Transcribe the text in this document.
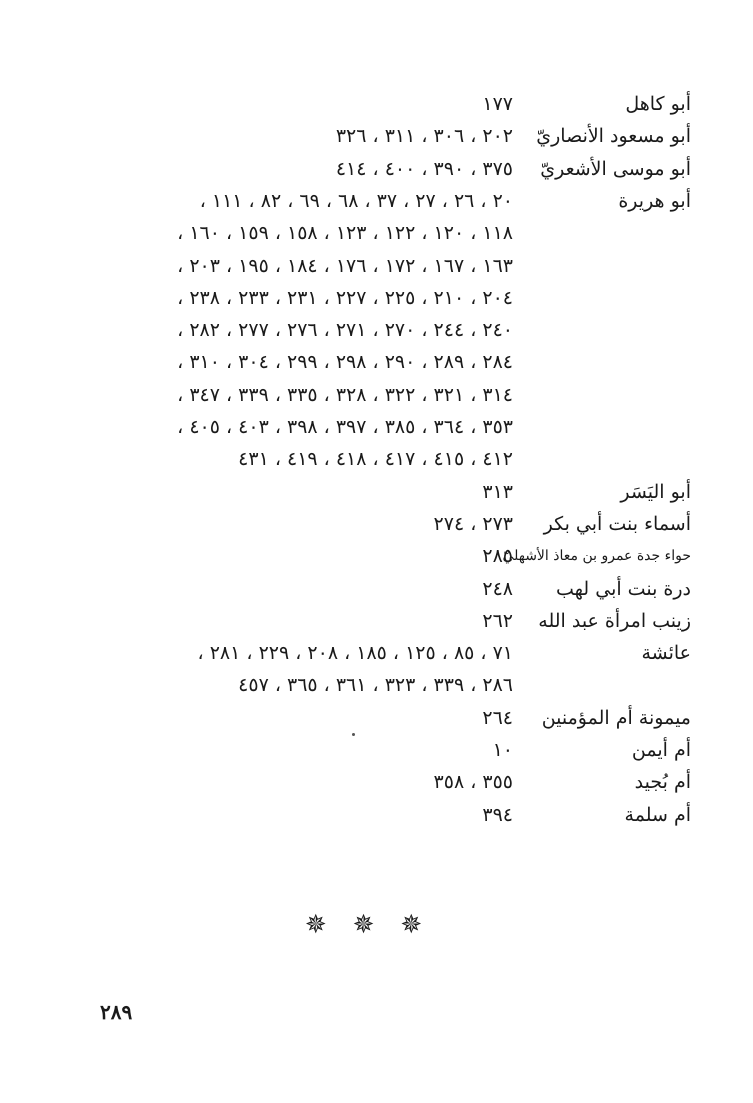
أبو كاهل
١٧٧
أبو مسعود الأنصاريّ
٢٠٢ ، ٣٠٦ ، ٣١١ ، ٣٢٦
أبو موسى الأشعريّ
٣٧٥ ، ٣٩٠ ، ٤٠٠ ، ٤١٤
أبو هريرة
٢٠ ، ٢٦ ، ٢٧ ، ٣٧ ، ٦٨ ، ٦٩ ، ٨٢ ، ١١١ ،
١١٨ ، ١٢٠ ، ١٢٢ ، ١٢٣ ، ١٥٨ ، ١٥٩ ، ١٦٠ ،
١٦٣ ، ١٦٧ ، ١٧٢ ، ١٧٦ ، ١٨٤ ، ١٩٥ ، ٢٠٣ ،
٢٠٤ ، ٢١٠ ، ٢٢٥ ، ٢٢٧ ، ٢٣١ ، ٢٣٣ ، ٢٣٨ ،
٢٤٠ ، ٢٤٤ ، ٢٧٠ ، ٢٧١ ، ٢٧٦ ، ٢٧٧ ، ٢٨٢ ،
٢٨٤ ، ٢٨٩ ، ٢٩٠ ، ٢٩٨ ، ٢٩٩ ، ٣٠٤ ، ٣١٠ ،
٣١٤ ، ٣٢١ ، ٣٢٢ ، ٣٢٨ ، ٣٣٥ ، ٣٣٩ ، ٣٤٧ ،
٣٥٣ ، ٣٦٤ ، ٣٨٥ ، ٣٩٧ ، ٣٩٨ ، ٤٠٣ ، ٤٠٥ ،
٤١٢ ، ٤١٥ ، ٤١٧ ، ٤١٨ ، ٤١٩ ، ٤٣١
أبو اليَسَر
٣١٣
أسماء بنت أبي بكر
٢٧٣ ، ٢٧٤
حواء جدة عمرو بن معاذ الأشهليّ
٢٨٥
درة بنت أبي لهب
٢٤٨
زينب امرأة عبد الله
٢٦٢
عائشة
٧١ ، ٨٥ ، ١٢٥ ، ١٨٥ ، ٢٠٨ ، ٢٢٩ ، ٢٨١ ،
٢٨٦ ، ٣٣٩ ، ٣٢٣ ، ٣٦١ ، ٣٦٥ ، ٤٥٧
ميمونة أم المؤمنين
٢٦٤
أم أيمن
١٠
أم بُجيد
٣٥٥ ، ٣٥٨
أم سلمة
٣٩٤
✵✵✵
٢٨٩
